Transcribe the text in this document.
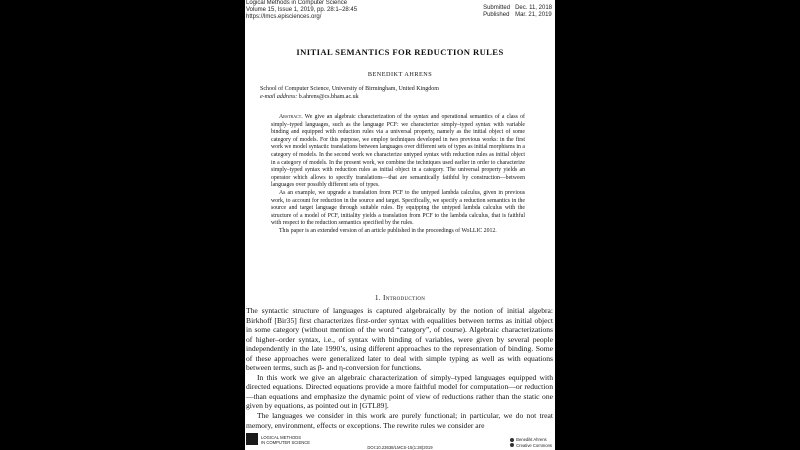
Logical Methods in Computer Science
Volume 15, Issue 1, 2019, pp. 28:1–28:45
https://lmcs.episciences.org/
Submitted	Dec. 11, 2018
Published	Mar. 21, 2019
INITIAL SEMANTICS FOR REDUCTION RULES
BENEDIKT AHRENS
School of Computer Science, University of Birmingham, United Kingdom
e-mail address: b.ahrens@cs.bham.ac.uk

Abstract. We give an algebraic characterization of the syntax and operational semantics of a class of simply–typed languages, such as the language PCF: we characterize simply–typed syntax with variable binding and equipped with reduction rules via a universal property, namely as the initial object of some category of models. For this purpose, we employ techniques developed in two previous works: in the first work we model syntactic translations between languages over different sets of types as initial morphisms in a category of models. In the second work we characterize untyped syntax with reduction rules as initial object in a category of models. In the present work, we combine the techniques used earlier in order to characterize simply–typed syntax with reduction rules as initial object in a category. The universal property yields an operator which allows to specify translations—that are semantically faithful by construction—between languages over possibly different sets of types.

As an example, we upgrade a translation from PCF to the untyped lambda calculus, given in previous work, to account for reduction in the source and target. Specifically, we specify a reduction semantics in the source and target language through suitable rules. By equipping the untyped lambda calculus with the structure of a model of PCF, initiality yields a translation from PCF to the lambda calculus, that is faithful with respect to the reduction semantics specified by the rules.

This paper is an extended version of an article published in the proceedings of WoLLIC 2012.

1. Introduction

The syntactic structure of languages is captured algebraically by the notion of initial algebra: Birkhoff [Bir35] first characterizes first-order syntax with equalities between terms as initial object in some category (without mention of the word “category”, of course). Algebraic characterizations of higher–order syntax, i.e., of syntax with binding of variables, were given by several people independently in the late 1990’s, using different approaches to the representation of binding. Some of these approaches were generalized later to deal with simple typing as well as with equations between terms, such as β- and η-conversion for functions.

In this work we give an algebraic characterization of simply–typed languages equipped with directed equations. Directed equations provide a more faithful model for computation—or reduction—than equations and emphasize the dynamic point of view of reductions rather than the static one given by equations, as pointed out in [GTL89].

The languages we consider in this work are purely functional; in particular, we do not treat memory, environment, effects or exceptions. The rewrite rules we consider are

LOGICAL METHODS
IN COMPUTER SCIENCE
DOI:10.23638/LMCS-15(1:28)2019
Benedikt Ahrens
Creative Commons
